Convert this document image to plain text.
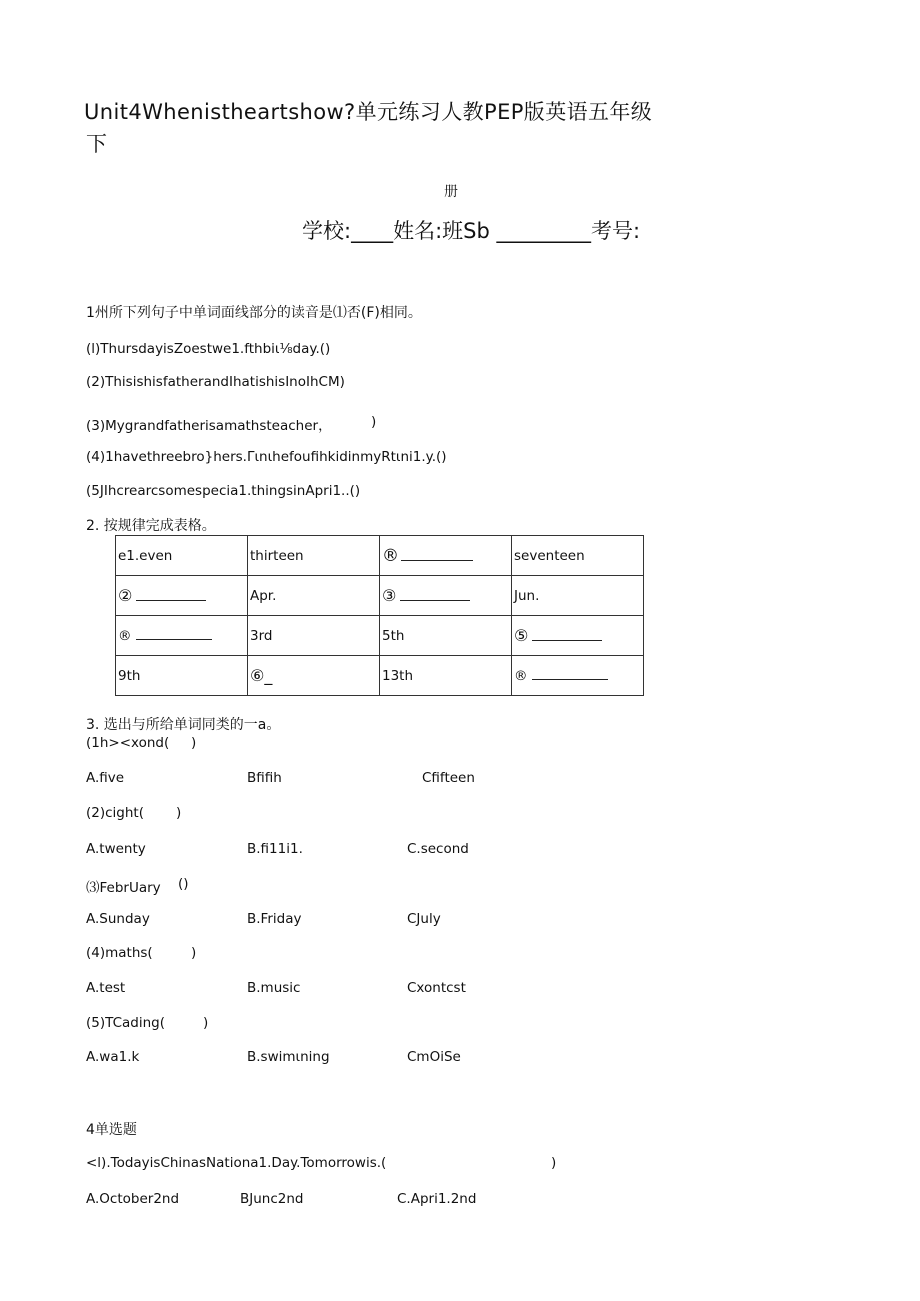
Unit4Whenistheartshow?单元练习人教PEP版英语五年级
下
册
学校:____姓名:班Sb _________考号:
1州所下列句子中单词面线部分的读音是⑴否(F)相同。
(l)ThursdayisZoestwe1.fthbiι⅛day.()
(2)ThisishisfatherandIhatishisInoIhCM)
(3)Mygrandfatherisamathsteacher，	)
(4)1havethreebro}hers.ΓιnιhefoufihkidinmyRtιni1.y.()
(5JIhcrearcsomespecia1.thingsinApri1..()
2. 按规律完成表格。
e1.even	thirteen	®	seventeen
②	Apr.	③	Jun.
®	3rd	5th	⑤
9th	⑥_	13th	®
3. 选出与所给单词同类的一a。
(1h><xond( )
A.five	Bfifih	Cfifteen
(2)cight( )
A.twenty	B.fi11i1.	C.second
⑶FebrUary ()
A.Sunday	B.Friday	CJuly
(4)maths(	)
A.test	B.music	Cxontcst
(5)TCading(	)
A.wa1.k	B.swimιning	CmOiSe
4单选题
<l).TodayisChinasNationa1.Day.Tomorrowis.(	)
A.October2nd	BJunc2nd	C.Apri1.2nd
